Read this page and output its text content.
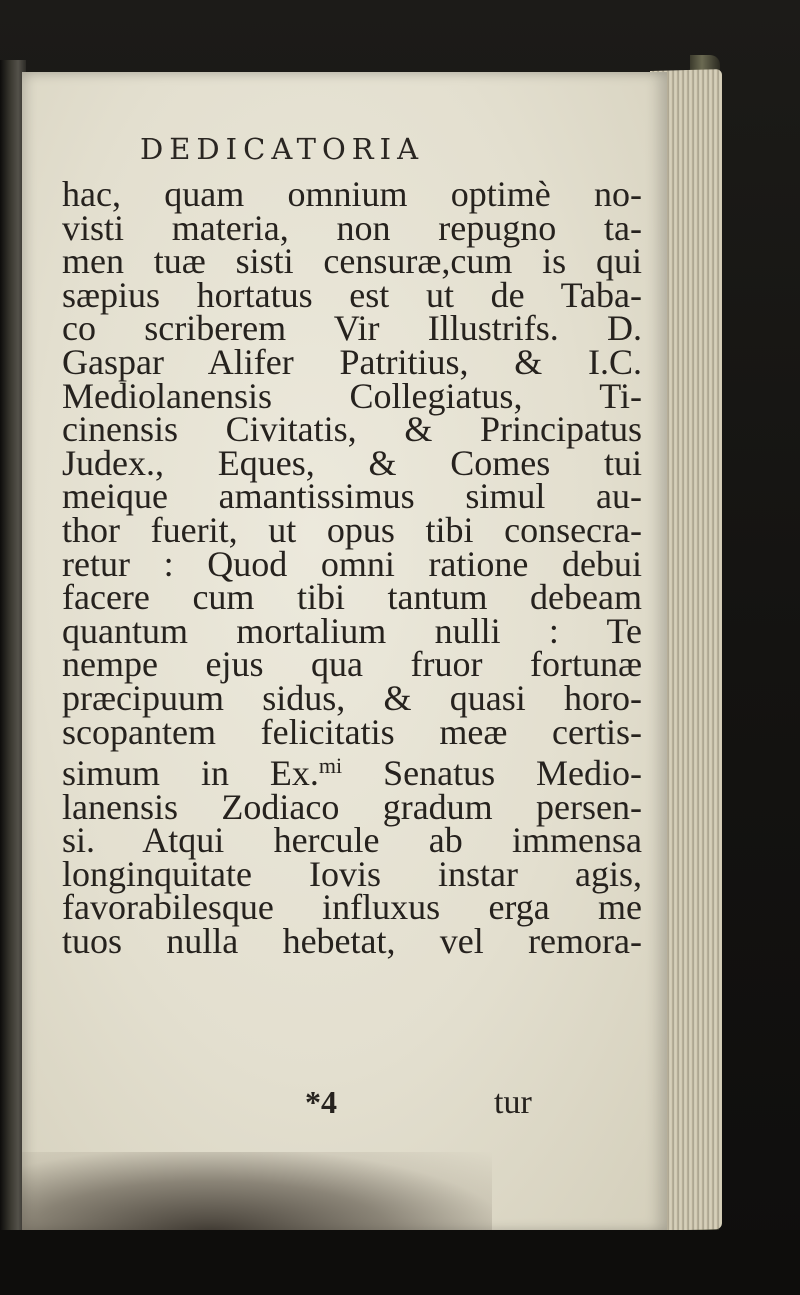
DEDICATORIA
hac, quam omnium optimè no-
visti materia, non repugno ta-
men tuæ sisti censuræ,cum is qui
sæpius hortatus est ut de Taba-
co scriberem Vir Illustrifs. D.
Gaspar Alifer Patritius, & I.C.
Mediolanensis Collegiatus, Ti-
cinensis Civitatis, & Principatus
Judex., Eques, & Comes tui
meique amantissimus simul au-
thor fuerit, ut opus tibi consecra-
retur : Quod omni ratione debui
facere cum tibi tantum debeam
quantum mortalium nulli : Te
nempe ejus qua fruor fortunæ
præcipuum sidus, & quasi horo-
scopantem felicitatis meæ certis-
simum in Ex.$^{mi}$ Senatus Medio-
lanensis Zodiaco gradum persen-
si. Atqui hercule ab immensa
longinquitate Iovis instar agis,
favorabilesque influxus erga me
tuos nulla hebetat, vel remora-
*4	tur
